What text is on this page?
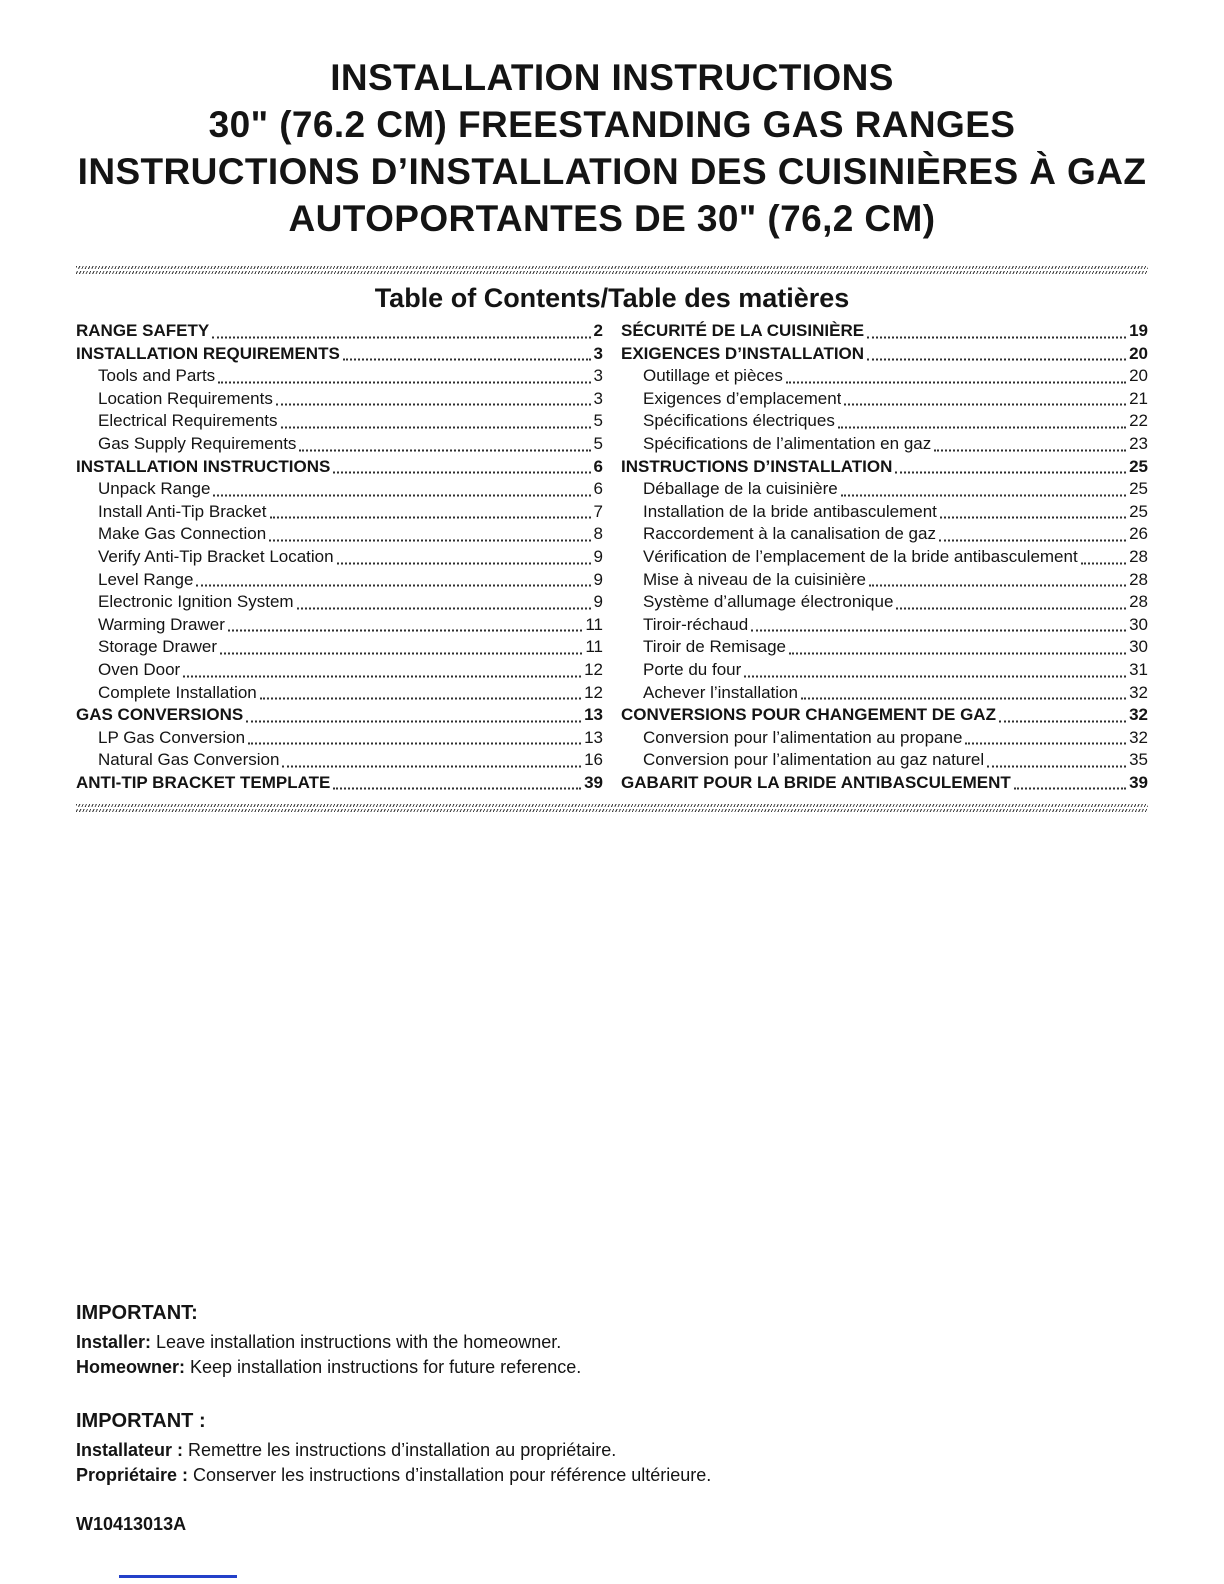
INSTALLATION INSTRUCTIONS
30" (76.2 CM) FREESTANDING GAS RANGES
INSTRUCTIONS D’INSTALLATION DES CUISINIÈRES À GAZ
AUTOPORTANTES DE 30" (76,2 CM)
Table of Contents/Table des matières
RANGE SAFETY	2
INSTALLATION REQUIREMENTS	3
Tools and Parts	3
Location Requirements	3
Electrical Requirements	5
Gas Supply Requirements	5
INSTALLATION INSTRUCTIONS	6
Unpack Range	6
Install Anti-Tip Bracket	7
Make Gas Connection	8
Verify Anti-Tip Bracket Location	9
Level Range	9
Electronic Ignition System	9
Warming Drawer	11
Storage Drawer	11
Oven Door	12
Complete Installation	12
GAS CONVERSIONS	13
LP Gas Conversion	13
Natural Gas Conversion	16
ANTI-TIP BRACKET TEMPLATE	39
SÉCURITÉ DE LA CUISINIÈRE	19
EXIGENCES D’INSTALLATION	20
Outillage et pièces	20
Exigences d’emplacement	21
Spécifications électriques	22
Spécifications de l’alimentation en gaz	23
INSTRUCTIONS D’INSTALLATION	25
Déballage de la cuisinière	25
Installation de la bride antibasculement	25
Raccordement à la canalisation de gaz	26
Vérification de l’emplacement de la bride antibasculement	28
Mise à niveau de la cuisinière	28
Système d’allumage électronique	28
Tiroir-réchaud	30
Tiroir de Remisage	30
Porte du four	31
Achever l’installation	32
CONVERSIONS POUR CHANGEMENT DE GAZ	32
Conversion pour l’alimentation au propane	32
Conversion pour l’alimentation au gaz naturel	35
GABARIT POUR LA BRIDE ANTIBASCULEMENT	39
IMPORTANT:
Installer: Leave installation instructions with the homeowner.
Homeowner: Keep installation instructions for future reference.
IMPORTANT :
Installateur : Remettre les instructions d’installation au propriétaire.
Propriétaire : Conserver les instructions d’installation pour référence ultérieure.
W10413013A
